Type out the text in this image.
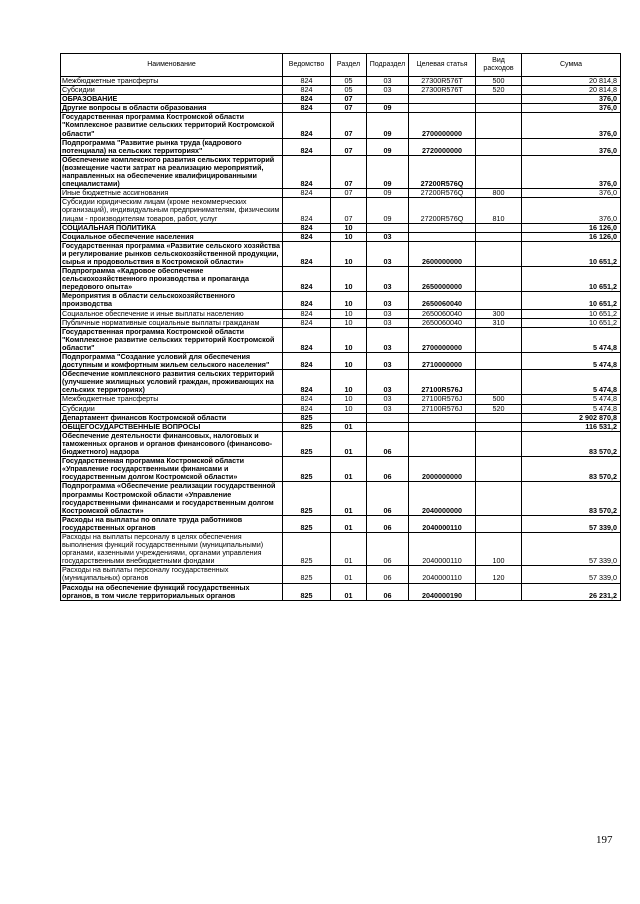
Наименование	Ведомство	Раздел	Подраздел	Целевая статья	Вид расходов	Сумма
Межбюджетные трансферты	824	05	03	27300R576T	500	20 814,8
Субсидии	824	05	03	27300R576T	520	20 814,8
ОБРАЗОВАНИЕ	824	07				376,0
Другие вопросы в области образования	824	07	09			376,0
Государственная программа Костромской области "Комплексное развитие сельских территорий Костромской области"	824	07	09	2700000000		376,0
Подпрограмма "Развитие рынка труда (кадрового потенциала) на сельских территориях"	824	07	09	2720000000		376,0
Обеспечение комплексного развития сельских территорий (возмещение части затрат на реализацию мероприятий, направленных на обеспечение квалифицированными специалистами)	824	07	09	27200R576Q		376,0
Иные бюджетные ассигнования	824	07	09	27200R576Q	800	376,0
Субсидии юридическим лицам (кроме некоммерческих организаций), индивидуальным предпринимателям, физическим лицам - производителям товаров, работ, услуг	824	07	09	27200R576Q	810	376,0
СОЦИАЛЬНАЯ ПОЛИТИКА	824	10				16 126,0
Социальное обеспечение населения	824	10	03			16 126,0
Государственная программа «Развитие сельского хозяйства и регулирование рынков сельскохозяйственной продукции, сырья и продовольствия в Костромской области»	824	10	03	2600000000		10 651,2
Подпрограмма «Кадровое обеспечение сельскохозяйственного производства и пропаганда передового опыта»	824	10	03	2650000000		10 651,2
Мероприятия в области сельскохозяйственного производства	824	10	03	2650060040		10 651,2
Социальное обеспечение и иные выплаты населению	824	10	03	2650060040	300	10 651,2
Публичные нормативные социальные выплаты гражданам	824	10	03	2650060040	310	10 651,2
Государственная программа Костромской области "Комплексное развитие сельских территорий Костромской области"	824	10	03	2700000000		5 474,8
Подпрограмма "Создание условий для обеспечения доступным и комфортным жильем сельского населения"	824	10	03	2710000000		5 474,8
Обеспечение комплексного развития сельских территорий (улучшение жилищных условий граждан, проживающих на сельских территориях)	824	10	03	27100R576J		5 474,8
Межбюджетные трансферты	824	10	03	27100R576J	500	5 474,8
Субсидии	824	10	03	27100R576J	520	5 474,8
Департамент финансов Костромской области	825					2 902 870,8
ОБЩЕГОСУДАРСТВЕННЫЕ ВОПРОСЫ	825	01				116 531,2
Обеспечение деятельности финансовых, налоговых и таможенных органов и органов финансового (финансово-бюджетного) надзора	825	01	06			83 570,2
Государственная программа Костромской области «Управление государственными финансами и государственным долгом Костромской области»	825	01	06	2000000000		83 570,2
Подпрограмма «Обеспечение реализации государственной программы Костромской области «Управление государственными финансами и государственным долгом Костромской области»	825	01	06	2040000000		83 570,2
Расходы на выплаты по оплате труда работников государственных органов	825	01	06	2040000110		57 339,0
Расходы на выплаты персоналу в целях обеспечения выполнения функций государственными (муниципальными) органами, казенными учреждениями, органами управления государственными внебюджетными фондами	825	01	06	2040000110	100	57 339,0
Расходы на выплаты персоналу государственных (муниципальных) органов	825	01	06	2040000110	120	57 339,0
Расходы на обеспечение функций государственных органов, в том числе территориальных органов	825	01	06	2040000190		26 231,2
197
